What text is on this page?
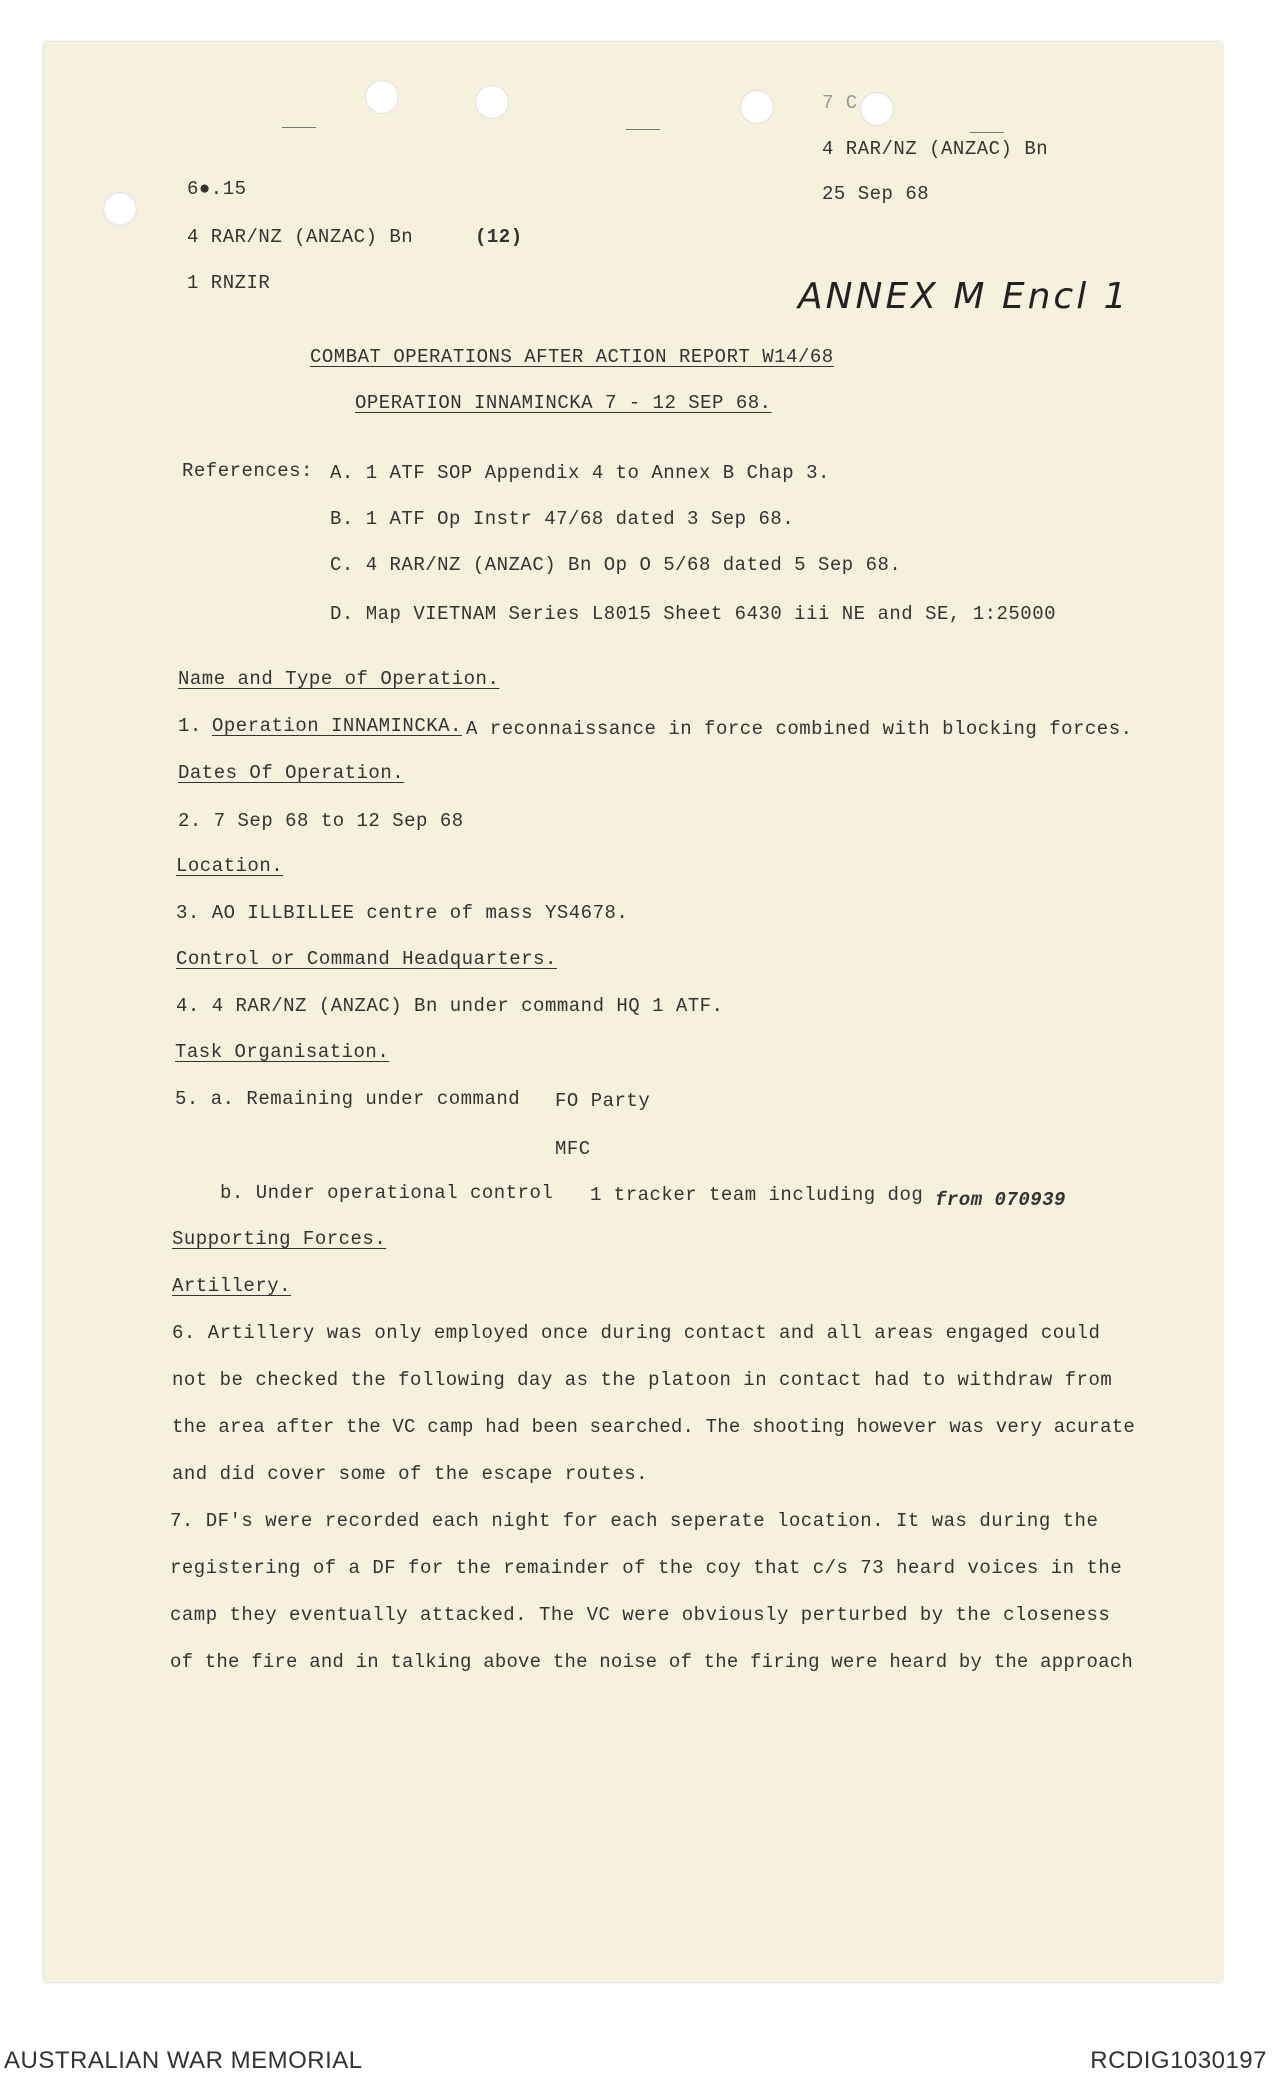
7 C
4 RAR/NZ (ANZAC) Bn
25 Sep 68
6●.15
4 RAR/NZ (ANZAC) Bn	(12)
1 RNZIR	ANNEX M Encl 1
COMBAT OPERATIONS AFTER ACTION REPORT W14/68
OPERATION INNAMINCKA 7 - 12 SEP 68.
References: A. 1 ATF SOP Appendix 4 to Annex B Chap 3.
B. 1 ATF Op Instr 47/68 dated 3 Sep 68.
C. 4 RAR/NZ (ANZAC) Bn Op O 5/68 dated 5 Sep 68.
D. Map VIETNAM Series L8015 Sheet 6430 iii NE and SE, 1:25000
Name and Type of Operation.
1. Operation INNAMINCKA. A reconnaissance in force combined with blocking forces.
Dates Of Operation.
2. 7 Sep 68 to 12 Sep 68
Location.
3. AO ILLBILLEE centre of mass YS4678.
Control or Command Headquarters.
4. 4 RAR/NZ (ANZAC) Bn under command HQ 1 ATF.
Task Organisation.
5. a. Remaining under command FO Party
MFC
b. Under operational control 1 tracker team including dog from 070939
Supporting Forces.
Artillery.
6. Artillery was only employed once during contact and all areas engaged could
not be checked the following day as the platoon in contact had to withdraw from
the area after the VC camp had been searched. The shooting however was very acurate
and did cover some of the escape routes.
7. DF's were recorded each night for each seperate location. It was during the
registering of a DF for the remainder of the coy that c/s 73 heard voices in the
camp they eventually attacked. The VC were obviously perturbed by the closeness
of the fire and in talking above the noise of the firing were heard by the approach
AUSTRALIAN WAR MEMORIAL	RCDIG1030197
